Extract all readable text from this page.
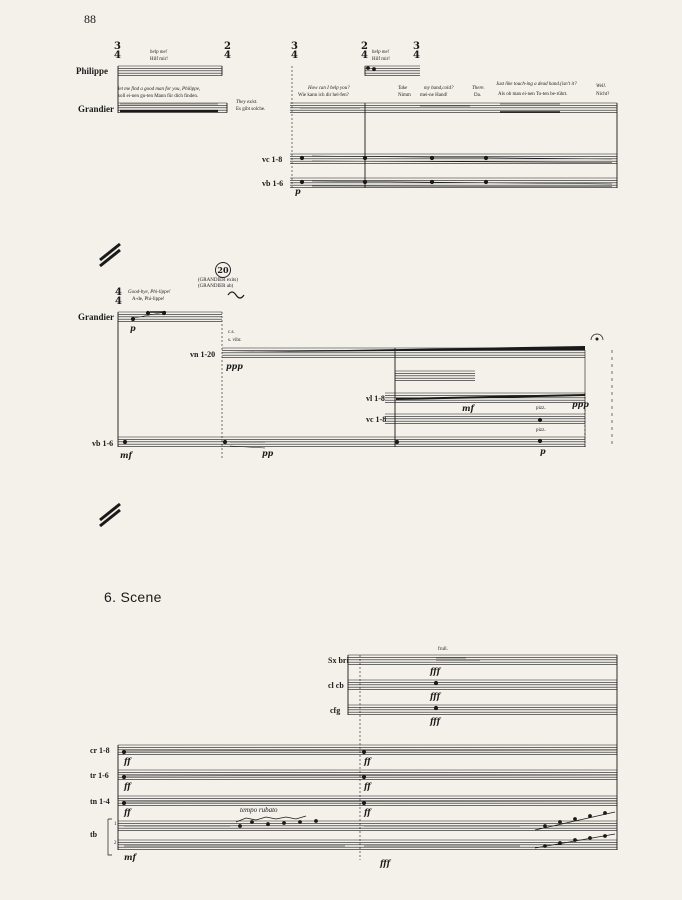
88
Philippe
Grandier
3
4
2
4
3
4
2
4
3
4
help me!
Hilf mir!
help me!
Hilf mir!
let me find a good man for you, Philippe,
soll ei-nen gu-ten Mann für dich finden.
They exist.
Es gibt solche.
How can I help you?
Wie kann ich dir hel-fen?
Take
Nimm
my hand,cold?
mei-ne Hand!
There.
Da.
Just like touch-ing a dead hand.(isn't it?
Als ob man ei-nen To-ten be-rührt.
Well.
Nicht?
vc 1-8
vb 1-6
p
4
4
Good-bye, Phi-lippe!
A-de, Phi-lippe!
20
(GRANDIER exits)
(GRANDIER ab)
Grandier
p	c.s.
s. vibr.
vn 1-20
ppp
vl 1-8
vc 1-8
mf	ppp
pizz.
pizz.
p
vb 1-6
mf	pp
6. Scene
Sx bri
cl cb
cfg
frull.
fff
fff
fff
cr 1-8
tr 1-6
tn 1-4
tb
1
2
ff
ff
ff
mf
tempo rubato
ff
ff
ff
fff
